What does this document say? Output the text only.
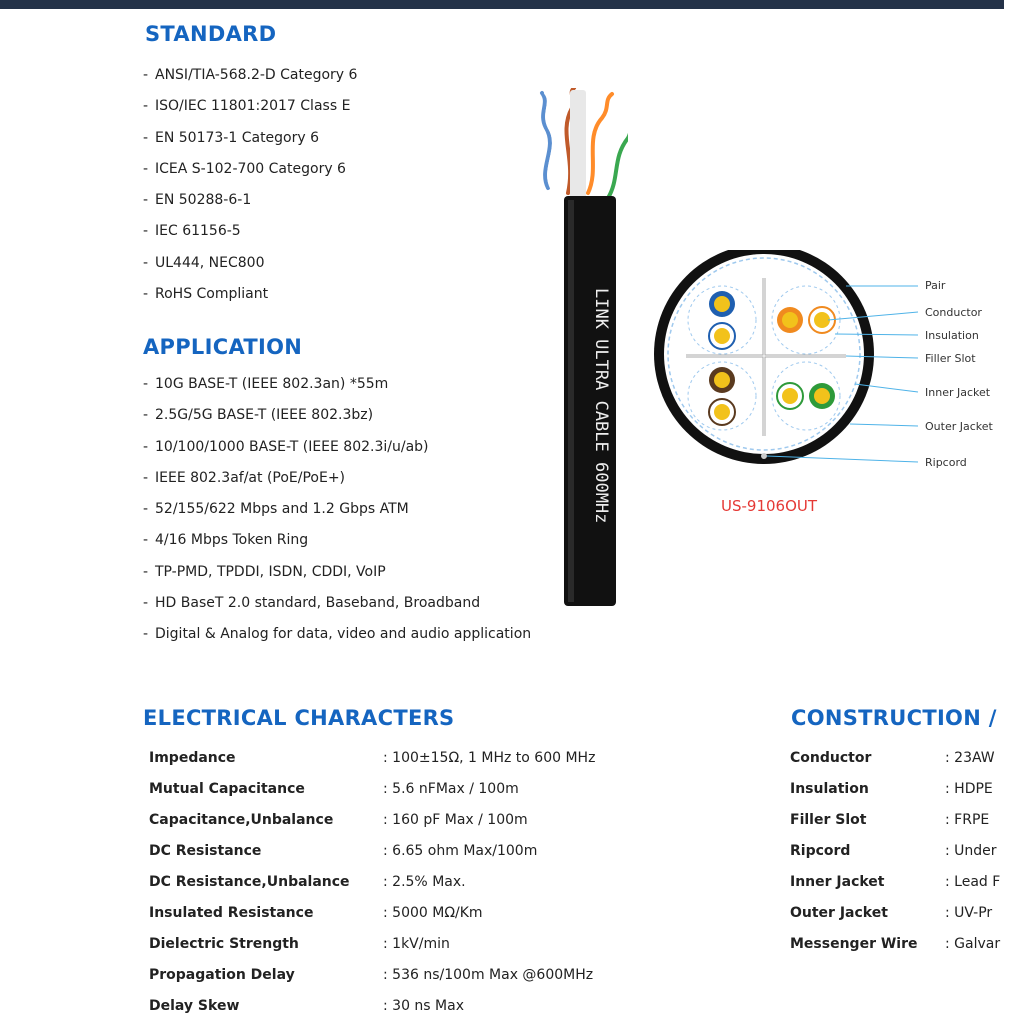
STANDARD
- ANSI/TIA-568.2-D Category 6
- ISO/IEC 11801:2017 Class E
- EN 50173-1 Category 6
- ICEA S-102-700 Category 6
- EN 50288-6-1
- IEC 61156-5
- UL444, NEC800
- RoHS Compliant
APPLICATION
- 10G BASE-T (IEEE 802.3an) *55m
- 2.5G/5G BASE-T (IEEE 802.3bz)
- 10/100/1000 BASE-T (IEEE 802.3i/u/ab)
- IEEE 802.3af/at (PoE/PoE+)
- 52/155/622 Mbps and 1.2 Gbps ATM
- 4/16 Mbps Token Ring
- TP-PMD, TPDDI, ISDN, CDDI, VoIP
- HD BaseT 2.0 standard, Baseband, Broadband
- Digital & Analog for data, video and audio application
LINK ULTRA CABLE 600MHz
Pair
Conductor
Insulation
Filler Slot
Inner Jacket
Outer Jacket
Ripcord
US-9106OUT
ELECTRICAL CHARACTERS
Impedance	: 100±15Ω, 1 MHz to 600 MHz
Mutual Capacitance	: 5.6 nFMax / 100m
Capacitance,Unbalance	: 160 pF Max / 100m
DC Resistance	: 6.65 ohm Max/100m
DC Resistance,Unbalance	: 2.5% Max.
Insulated Resistance	: 5000 MΩ/Km
Dielectric Strength	: 1kV/min
Propagation Delay	: 536 ns/100m Max @600MHz
Delay Skew	: 30 ns Max
CONSTRUCTION /
Conductor	: 23AW
Insulation	: HDPE
Filler Slot	: FRPE
Ripcord	: Under
Inner Jacket	: Lead F
Outer Jacket	: UV-Pr
Messenger Wire	: Galvar
